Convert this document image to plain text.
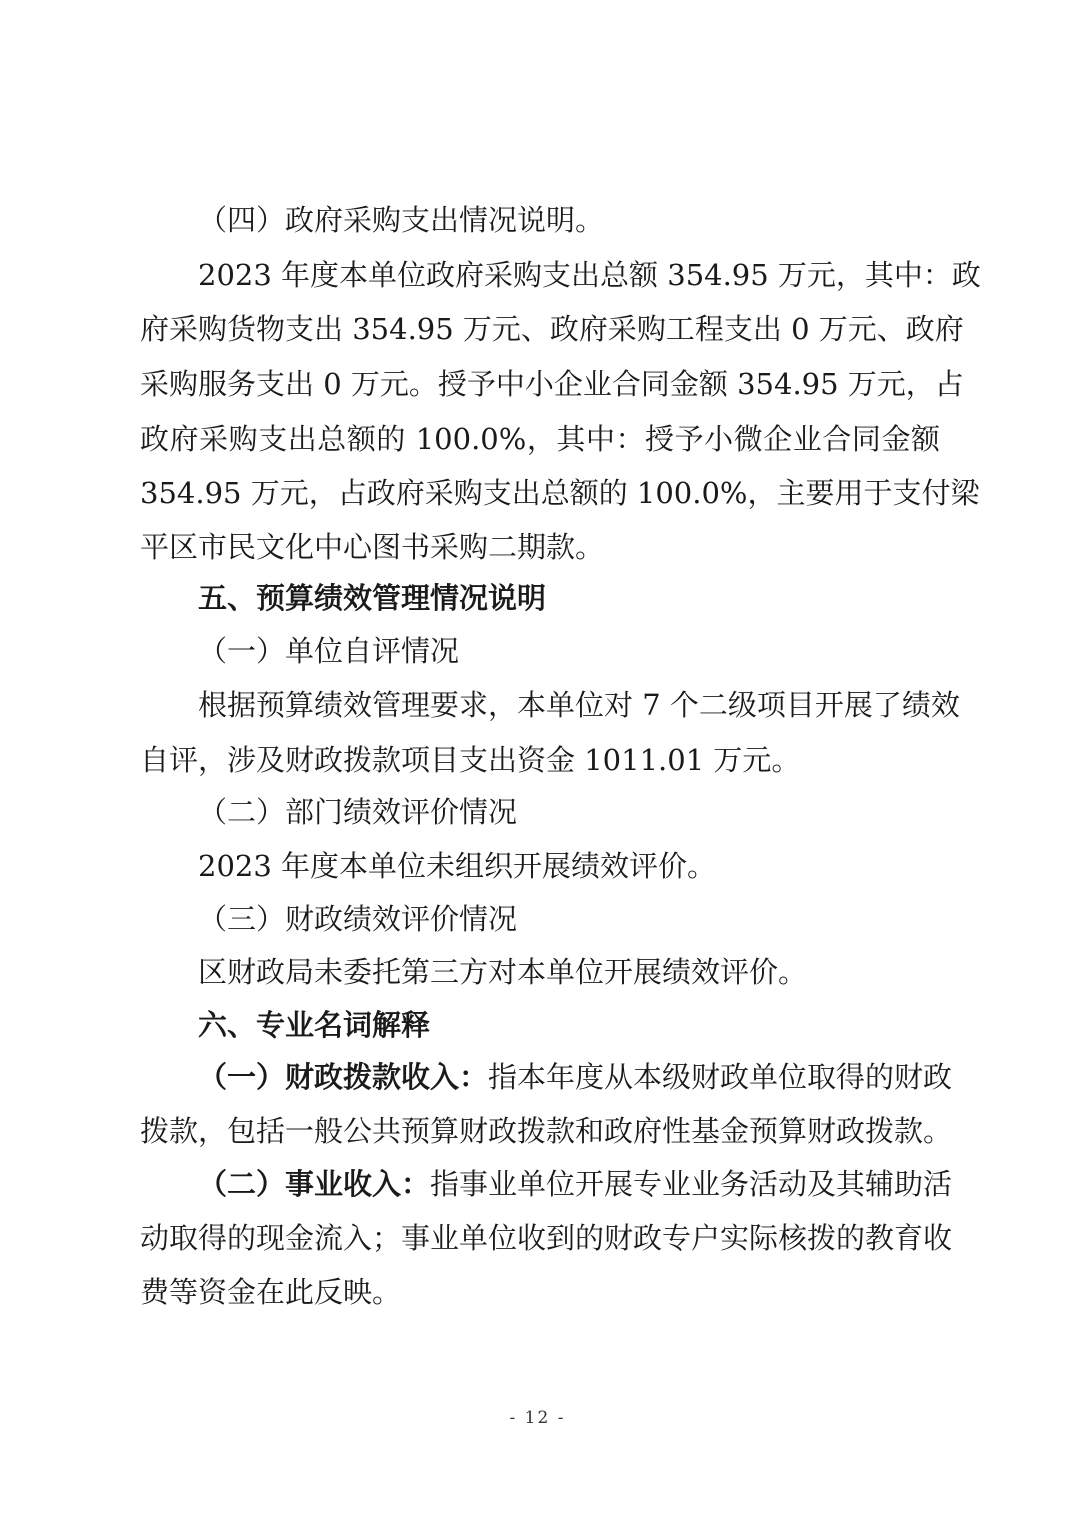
（四）政府采购支出情况说明。
2023 年度本单位政府采购支出总额 354.95 万元，其中：政
府采购货物支出 354.95 万元、政府采购工程支出 0 万元、政府
采购服务支出 0 万元。授予中小企业合同金额 354.95 万元，占
政府采购支出总额的 100.0%，其中：授予小微企业合同金额
354.95 万元，占政府采购支出总额的 100.0%，主要用于支付梁
平区市民文化中心图书采购二期款。
五、预算绩效管理情况说明
（一）单位自评情况
根据预算绩效管理要求，本单位对 7 个二级项目开展了绩效
自评，涉及财政拨款项目支出资金 1011.01 万元。
（二）部门绩效评价情况
2023 年度本单位未组织开展绩效评价。
（三）财政绩效评价情况
区财政局未委托第三方对本单位开展绩效评价。
六、专业名词解释
（一）财政拨款收入：指本年度从本级财政单位取得的财政
拨款，包括一般公共预算财政拨款和政府性基金预算财政拨款。
（二）事业收入：指事业单位开展专业业务活动及其辅助活
动取得的现金流入；事业单位收到的财政专户实际核拨的教育收
费等资金在此反映。
- 12 -
